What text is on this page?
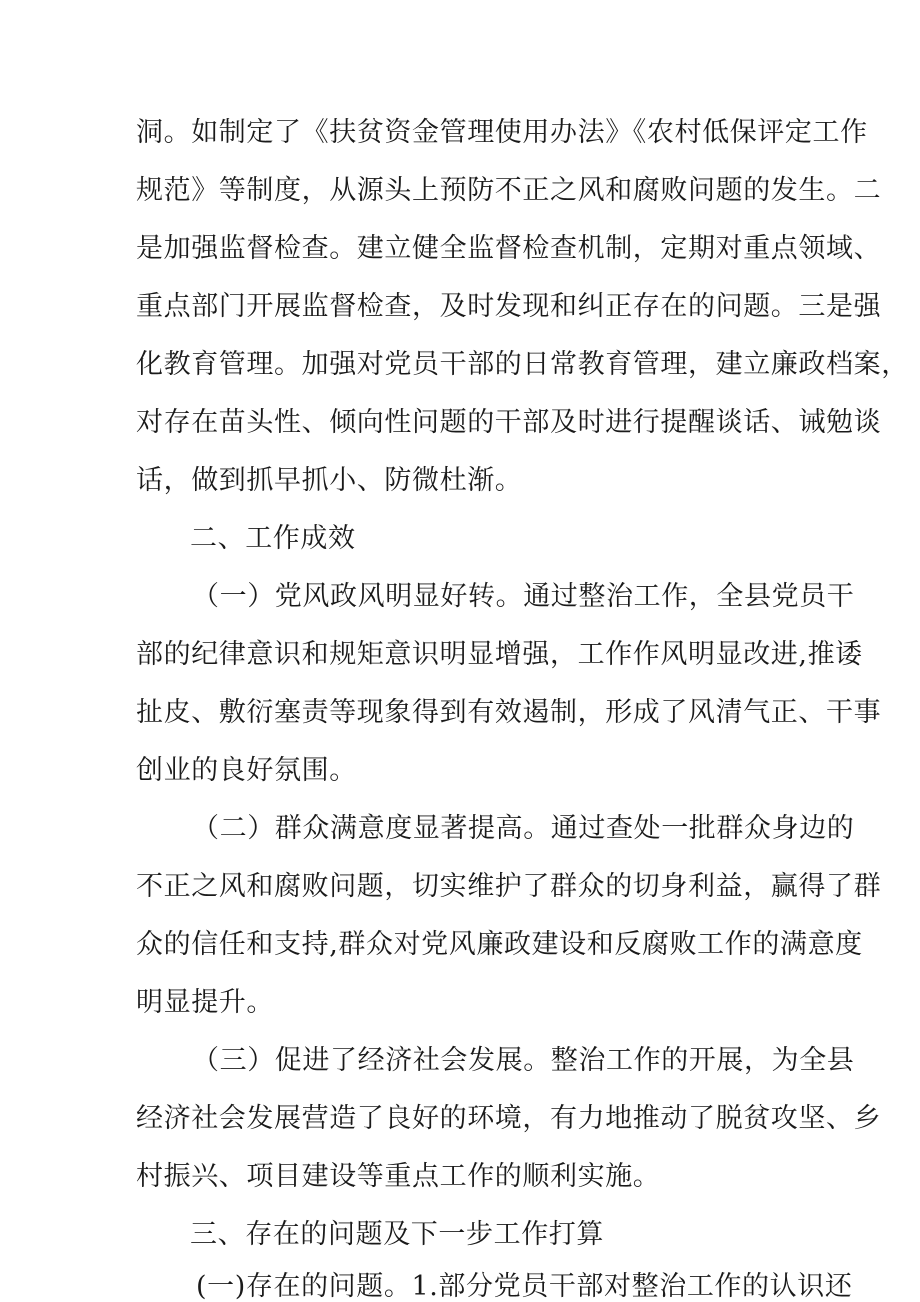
洞。如制定了《扶贫资金管理使用办法》《农村低保评定工作
规范》等制度，从源头上预防不正之风和腐败问题的发生。二
是加强监督检查。建立健全监督检查机制，定期对重点领域、
重点部门开展监督检查，及时发现和纠正存在的问题。三是强
化教育管理。加强对党员干部的日常教育管理，建立廉政档案，
对存在苗头性、倾向性问题的干部及时进行提醒谈话、诫勉谈
话，做到抓早抓小、防微杜渐。
二、工作成效
（一）党风政风明显好转。通过整治工作，全县党员干
部的纪律意识和规矩意识明显增强，工作作风明显改进,推诿
扯皮、敷衍塞责等现象得到有效遏制，形成了风清气正、干事
创业的良好氛围。
（二）群众满意度显著提高。通过查处一批群众身边的
不正之风和腐败问题，切实维护了群众的切身利益，赢得了群
众的信任和支持,群众对党风廉政建设和反腐败工作的满意度
明显提升。
（三）促进了经济社会发展。整治工作的开展，为全县
经济社会发展营造了良好的环境，有力地推动了脱贫攻坚、乡
村振兴、项目建设等重点工作的顺利实施。
三、存在的问题及下一步工作打算
(一)存在的问题。1.部分党员干部对整治工作的认识还
